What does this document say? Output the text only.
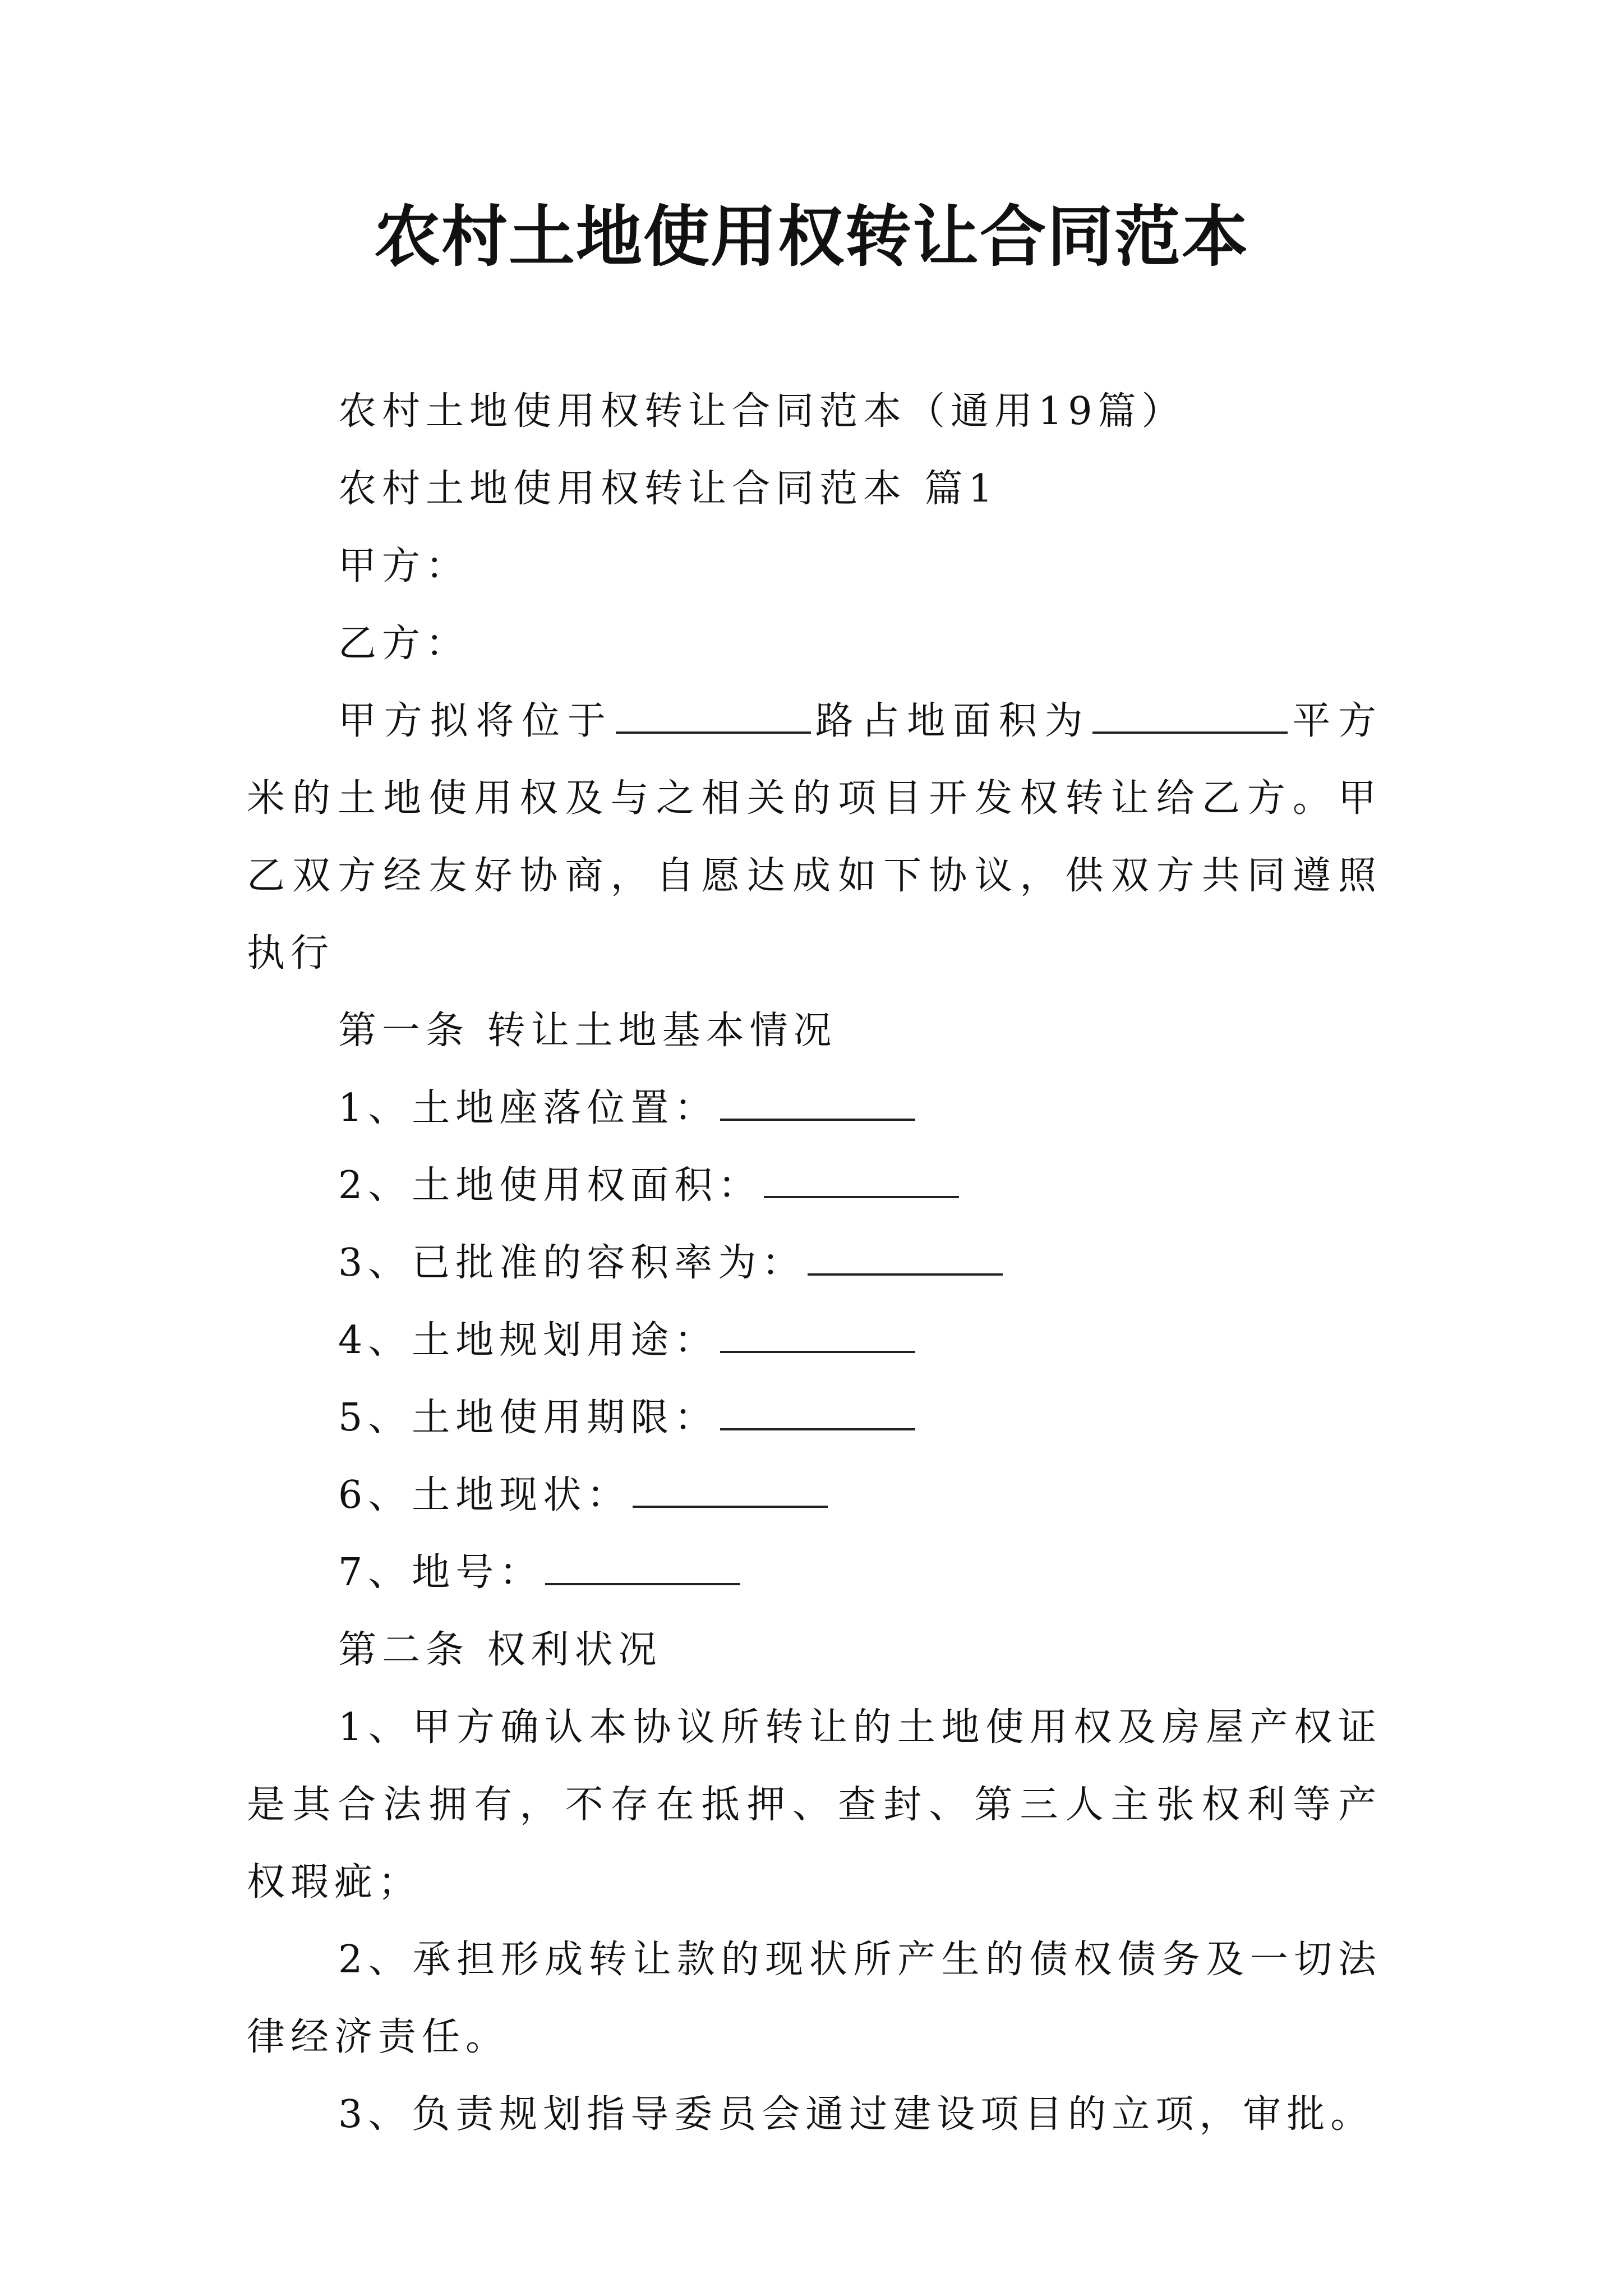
农村土地使用权转让合同范本

农村土地使用权转让合同范本（通用19篇）

农村土地使用权转让合同范本 篇1

甲方：

乙方：

甲方拟将位于	路占地面积为	平方米的土地使用权及与之相关的项目开发权转让给乙方。甲乙双方经友好协商，自愿达成如下协议，供双方共同遵照执行

第一条 转让土地基本情况

1、土地座落位置：

2、土地使用权面积：

3、已批准的容积率为：

4、土地规划用途：

5、土地使用期限：

6、土地现状：

7、地号：

第二条 权利状况

1、甲方确认本协议所转让的土地使用权及房屋产权证是其合法拥有，不存在抵押、查封、第三人主张权利等产权瑕疵；

2、承担形成转让款的现状所产生的债权债务及一切法律经济责任。

3、负责规划指导委员会通过建设项目的立项，审批。
